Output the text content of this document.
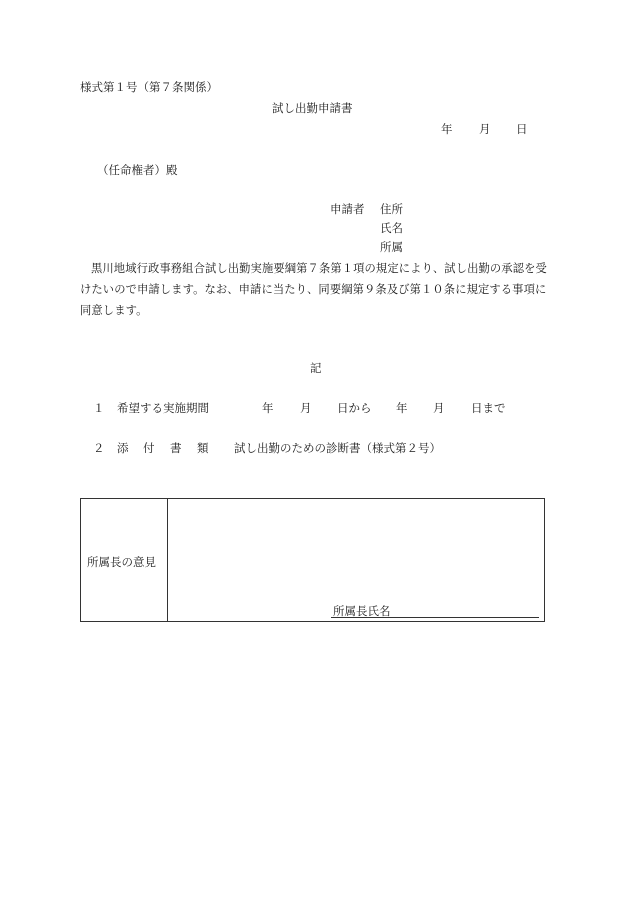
様式第１号（第７条関係）
試し出勤申請書
年 月 日
（任命権者）殿
申請者 住所
氏名
所属

黒川地域行政事務組合試し出勤実施要綱第７条第１項の規定により、試し出勤の承認を受けたいので申請します。なお、申請に当たり、同要綱第９条及び第１０条に規定する事項に同意します。

記
１ 希望する実施期間	年 月 日から 年 月 日まで
２ 添 付 書 類 試し出勤のための診断書（様式第２号）
所属長の意見
所属長氏名
